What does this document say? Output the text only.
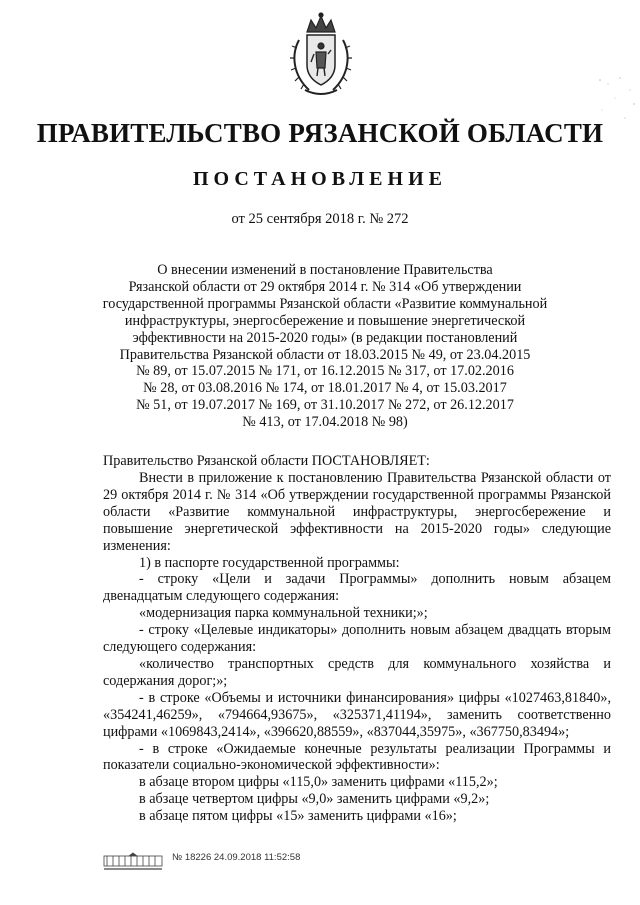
ПРАВИТЕЛЬСТВО РЯЗАНСКОЙ ОБЛАСТИ
ПОСТАНОВЛЕНИЕ
от 25 сентября 2018 г. № 272
О внесении изменений в постановление Правительства
Рязанской области от 29 октября 2014 г. № 314 «Об утверждении
государственной программы Рязанской области «Развитие коммунальной
инфраструктуры, энергосбережение и повышение энергетической
эффективности на 2015-2020 годы» (в редакции постановлений
Правительства Рязанской области от 18.03.2015 № 49, от 23.04.2015
№ 89, от 15.07.2015 № 171, от 16.12.2015 № 317, от 17.02.2016
№ 28, от 03.08.2016 № 174, от 18.01.2017 № 4, от 15.03.2017
№ 51, от 19.07.2017 № 169, от 31.10.2017 № 272, от 26.12.2017
№ 413, от 17.04.2018 № 98)
Правительство Рязанской области ПОСТАНОВЛЯЕТ:
Внести в приложение к постановлению Правительства Рязанской области от 29 октября 2014 г. № 314 «Об утверждении государственной программы Рязанской области «Развитие коммунальной инфраструктуры, энергосбережение и повышение энергетической эффективности на 2015-2020 годы» следующие изменения:
1) в паспорте государственной программы:
- строку «Цели и задачи Программы» дополнить новым абзацем двенадцатым следующего содержания:
«модернизация парка коммунальной техники;»;
- строку «Целевые индикаторы» дополнить новым абзацем двадцать вторым следующего содержания:
«количество транспортных средств для коммунального хозяйства и содержания дорог;»;
- в строке «Объемы и источники финансирования» цифры «1027463,81840», «354241,46259», «794664,93675», «325371,41194», заменить соответственно цифрами «1069843,2414», «396620,88559», «837044,35975», «367750,83494»;
- в строке «Ожидаемые конечные результаты реализации Программы и показатели социально-экономической эффективности»:
в абзаце втором цифры «115,0» заменить цифрами «115,2»;
в абзаце четвертом цифры «9,0» заменить цифрами «9,2»;
в абзаце пятом цифры «15» заменить цифрами «16»;
№ 18226 24.09.2018 11:52:58
